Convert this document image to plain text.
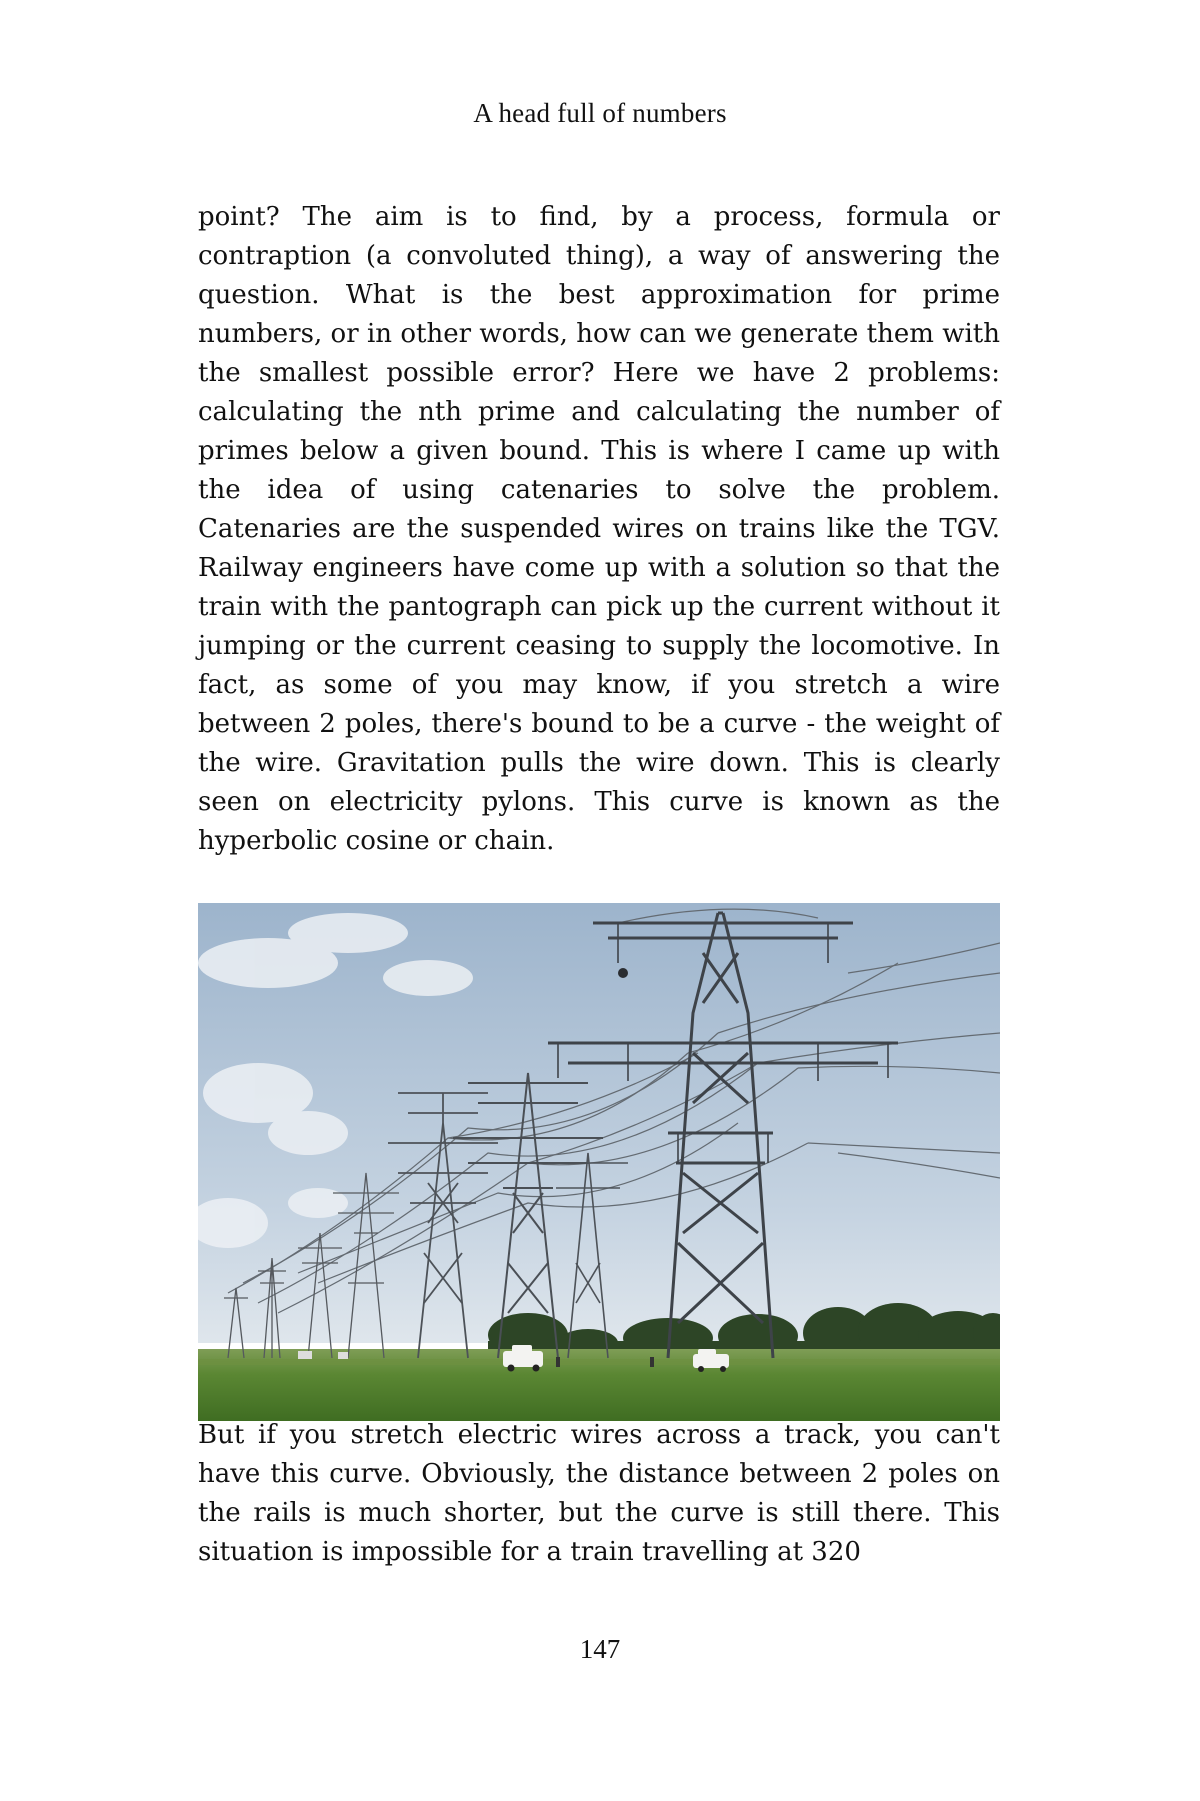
A head full of numbers

point? The aim is to find, by a process, formula or contraption (a convoluted thing), a way of answering the question. What is the best approximation for prime numbers, or in other words, how can we generate them with the smallest possible error? Here we have 2 problems: calculating the nth prime and calculating the number of primes below a given bound. This is where I came up with the idea of using catenaries to solve the problem. Catenaries are the suspended wires on trains like the TGV. Railway engineers have come up with a solution so that the train with the pantograph can pick up the current without it jumping or the current ceasing to supply the locomotive. In fact, as some of you may know, if you stretch a wire between 2 poles, there's bound to be a curve - the weight of the wire. Gravitation pulls the wire down. This is clearly seen on electricity pylons. This curve is known as the hyperbolic cosine or chain.

But if you stretch electric wires across a track, you can't have this curve. Obviously, the distance between 2 poles on the rails is much shorter, but the curve is still there. This situation is impossible for a train travelling at 320

147
